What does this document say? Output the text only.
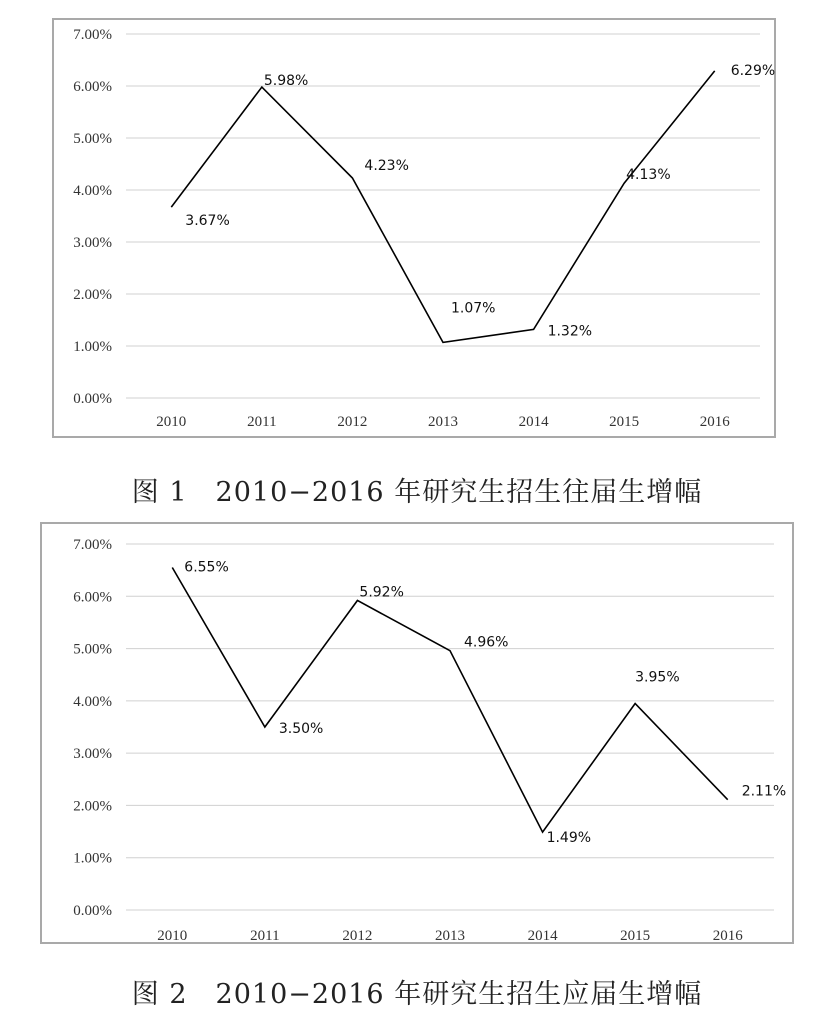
0.00%
1.00%
2.00%
3.00%
4.00%
5.00%
6.00%
7.00%
2010	2011	2012	2013	2014	2015	2016
3.67%
5.98%
4.23%
1.07%
1.32%
4.13%
6.29%
图 1　2010−2016 年研究生招生往届生增幅
0.00%
1.00%
2.00%
3.00%
4.00%
5.00%
6.00%
7.00%
2010	2011	2012	2013	2014	2015	2016
6.55%
3.50%
5.92%
4.96%
1.49%
3.95%
2.11%
图 2　2010−2016 年研究生招生应届生增幅
